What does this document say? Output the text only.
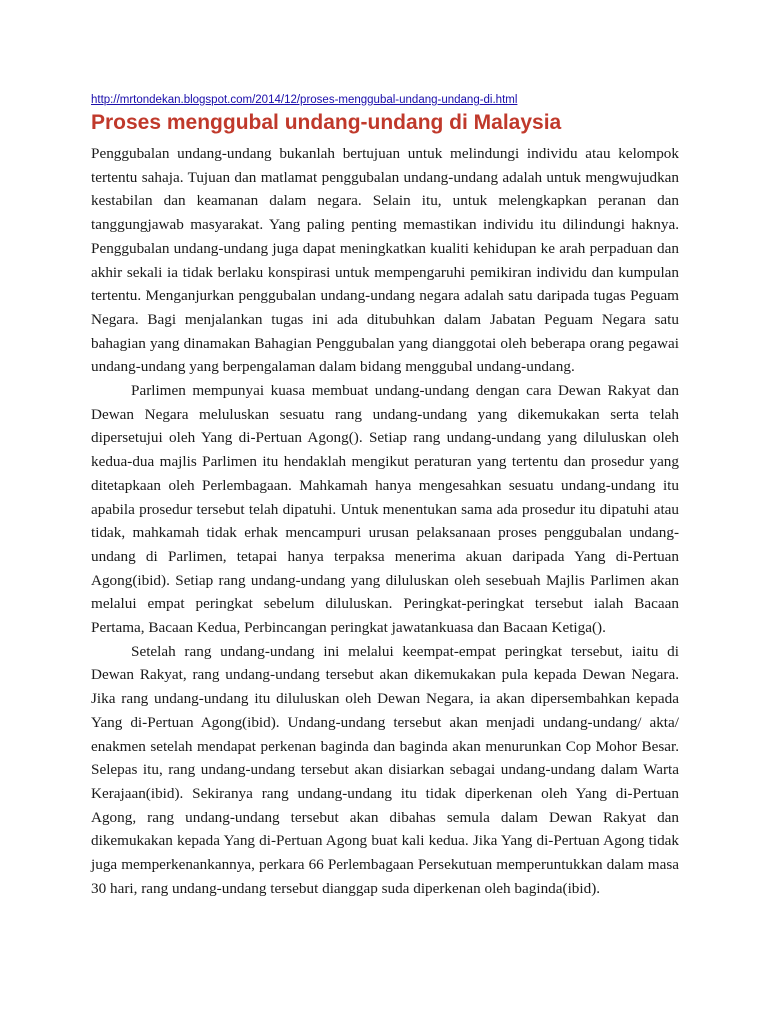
http://mrtondekan.blogspot.com/2014/12/proses-menggubal-undang-undang-di.html
Proses menggubal undang-undang di Malaysia

Penggubalan undang-undang bukanlah bertujuan untuk melindungi individu atau kelompok tertentu sahaja. Tujuan dan matlamat penggubalan undang-undang adalah untuk mengwujudkan kestabilan dan keamanan dalam negara. Selain itu, untuk melengkapkan peranan dan tanggungjawab masyarakat. Yang paling penting memastikan individu itu dilindungi haknya. Penggubalan undang-undang juga dapat meningkatkan kualiti kehidupan ke arah perpaduan dan akhir sekali ia tidak berlaku konspirasi untuk mempengaruhi pemikiran individu dan kumpulan tertentu. Menganjurkan penggubalan undang-undang negara adalah satu daripada tugas Peguam Negara. Bagi menjalankan tugas ini ada ditubuhkan dalam Jabatan Peguam Negara satu bahagian yang dinamakan Bahagian Penggubalan yang dianggotai oleh beberapa orang pegawai undang-undang yang berpengalaman dalam bidang menggubal undang-undang.

Parlimen mempunyai kuasa membuat undang-undang dengan cara Dewan Rakyat dan Dewan Negara meluluskan sesuatu rang undang-undang yang dikemukakan serta telah dipersetujui oleh Yang di-Pertuan Agong(). Setiap rang undang-undang yang diluluskan oleh kedua-dua majlis Parlimen itu hendaklah mengikut peraturan yang tertentu dan prosedur yang ditetapkaan oleh Perlembagaan. Mahkamah hanya mengesahkan sesuatu undang-undang itu apabila prosedur tersebut telah dipatuhi. Untuk menentukan sama ada prosedur itu dipatuhi atau tidak, mahkamah tidak erhak mencampuri urusan pelaksanaan proses penggubalan undang-undang di Parlimen, tetapai hanya terpaksa menerima akuan daripada Yang di-Pertuan Agong(ibid). Setiap rang undang-undang yang diluluskan oleh sesebuah Majlis Parlimen akan melalui empat peringkat sebelum diluluskan. Peringkat-peringkat tersebut ialah Bacaan Pertama, Bacaan Kedua, Perbincangan peringkat jawatankuasa dan Bacaan Ketiga().

Setelah rang undang-undang ini melalui keempat-empat peringkat tersebut, iaitu di Dewan Rakyat, rang undang-undang tersebut akan dikemukakan pula kepada Dewan Negara. Jika rang undang-undang itu diluluskan oleh Dewan Negara, ia akan dipersembahkan kepada Yang di-Pertuan Agong(ibid). Undang-undang tersebut akan menjadi undang-undang/ akta/ enakmen setelah mendapat perkenan baginda dan baginda akan menurunkan Cop Mohor Besar. Selepas itu, rang undang-undang tersebut akan disiarkan sebagai undang-undang dalam Warta Kerajaan(ibid). Sekiranya rang undang-undang itu tidak diperkenan oleh Yang di-Pertuan Agong, rang undang-undang tersebut akan dibahas semula dalam Dewan Rakyat dan dikemukakan kepada Yang di-Pertuan Agong buat kali kedua. Jika Yang di-Pertuan Agong tidak juga memperkenankannya, perkara 66 Perlembagaan Persekutuan memperuntukkan dalam masa 30 hari, rang undang-undang tersebut dianggap suda diperkenan oleh baginda(ibid).
